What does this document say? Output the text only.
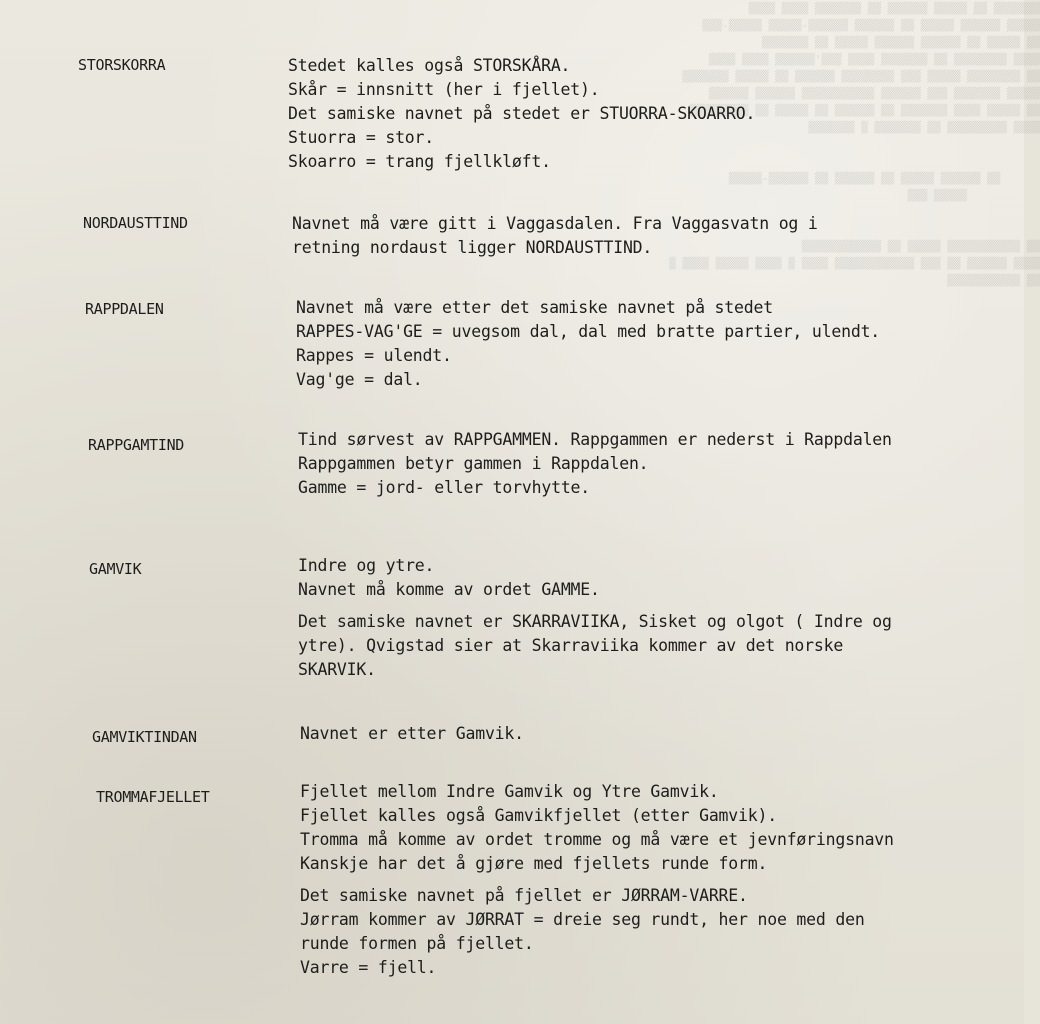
▒▒▒▒▒▒▒ ▒▒ ▒▒▒▒▒ ▒▒▒▒▒▒ ▒▒ ▒▒▒▒▒▒▒ ▒▒▒▒ ▒▒▒▒
▒▒▒▒▒ ▒▒▒▒▒▒ ▒▒▒▒▒ ▒▒ ▒▒▒▒▒▒ ▒▒▒▒▒▒-▒▒▒▒▒ ▒▒▒▒▒-▒▒▒
▒▒ ▒▒▒▒▒ ▒▒ ▒▒▒▒▒▒ ▒▒▒▒▒▒ ▒▒▒▒▒ ▒▒ ▒▒▒▒▒▒▒
▒▒▒▒ ▒▒▒▒▒▒▒▒ ▒▒ ▒▒▒▒▒▒▒ ▒▒▒▒ ▒▒▒'▒▒▒▒▒▒ ▒▒▒▒ ▒▒▒▒
▒▒ ▒▒▒▒▒▒▒▒ ▒▒▒▒▒ ▒▒▒ ▒▒▒▒▒▒▒▒ ▒▒▒▒▒▒ ▒▒ ▒▒▒▒▒ ▒▒▒▒▒▒▒
▒▒▒▒▒ ▒▒▒▒▒▒▒ ▒▒▒ ▒▒▒▒▒▒ ▒▒▒▒▒▒▒▒▒▒▒ ▒▒▒▒▒▒ ▒▒▒▒▒▒
▒▒ ▒▒▒▒▒ ▒▒▒▒ ▒▒▒▒▒▒▒ ▒▒ ▒▒▒▒▒▒ ▒▒ ▒▒▒▒▒ ▒▒ ▒▒▒▒▒▒▒▒▒
▒▒▒▒ ▒▒▒▒▒▒▒▒▒ ▒▒ ▒▒▒▒▒▒▒ ▒ ▒▒▒▒▒▒▒

▒▒ ▒▒▒▒▒▒ ▒▒▒▒▒ ▒▒ ▒▒▒▒▒▒ ▒▒ ▒▒▒▒▒▒-▒▒▒▒▒
▒▒▒▒▒ ▒▒▒

▒▒ ▒▒▒▒▒▒▒▒▒▒▒ ▒▒▒▒▒ ▒▒ ▒▒▒▒▒▒▒▒▒▒▒▒
▒▒▒▒ ▒▒▒▒▒▒ ▒▒ ▒▒▒ ▒▒▒▒▒▒▒▒▒▒▒▒ ▒▒▒▒ ▒ ▒▒▒▒ ▒▒▒▒▒ ▒▒▒▒ ▒
▒▒ ▒▒▒▒▒▒▒▒▒▒▒
STORSKORRA	Stedet kalles også STORSKÅRA.
Skår = innsnitt (her i fjellet).
Det samiske navnet på stedet er STUORRA-SKOARRO.
Stuorra = stor.
Skoarro = trang fjellkløft.
NORDAUSTTIND	Navnet må være gitt i Vaggasdalen. Fra Vaggasvatn og i
retning nordaust ligger NORDAUSTTIND.
RAPPDALEN	Navnet må være etter det samiske navnet på stedet
RAPPES-VAG'GE = uvegsom dal, dal med bratte partier, ulendt.
Rappes = ulendt.
Vag'ge = dal.
RAPPGAMTIND	Tind sørvest av RAPPGAMMEN. Rappgammen er nederst i Rappdalen
Rappgammen betyr gammen i Rappdalen.
Gamme = jord- eller torvhytte.
GAMVIK	Indre og ytre.
Navnet må komme av ordet GAMME.
Det samiske navnet er SKARRAVIIKA, Sisket og olgot ( Indre og
ytre). Qvigstad sier at Skarraviika kommer av det norske
SKARVIK.
GAMVIKTINDAN	Navnet er etter Gamvik.
TROMMAFJELLET	Fjellet mellom Indre Gamvik og Ytre Gamvik.
Fjellet kalles også Gamvikfjellet (etter Gamvik).
Tromma må komme av ordet tromme og må være et jevnføringsnavn
Kanskje har det å gjøre med fjellets runde form.
Det samiske navnet på fjellet er JØRRAM-VARRE.
Jørram kommer av JØRRAT = dreie seg rundt, her noe med den
runde formen på fjellet.
Varre = fjell.
